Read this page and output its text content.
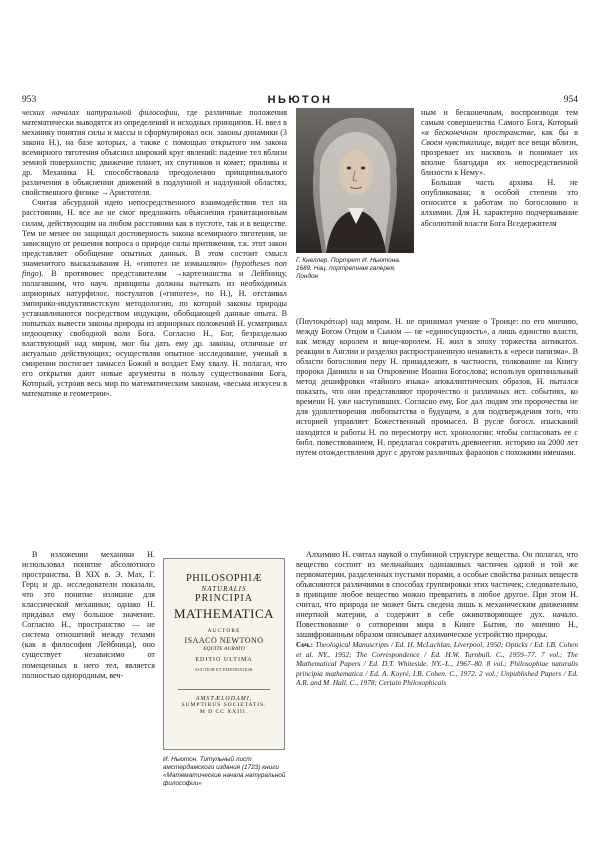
953	НЬЮТОН	954

ческих началах натуральной философии, где различные положения математически выводятся из определений и исходных принципов. Н. ввел в механику понятия силы и массы и сформулировал осн. законы динамики (3 закона Н.), на базе которых, а также с помощью открытого им закона всемирного тяготения объяснил широкий круг явлений: падение тел вблизи земной поверхности; движение планет, их спутников и комет; приливы и др. Механика Н. способствовала преодолению принципиального различения в объяснении движений в подлунной и надлунной областях, свойственного физике →Аристотеля.

Считая абсурдной идею непосредственного взаимодействия тел на расстоянии, Н. все же не смог предложить объяснения гравитационным силам, действующим на любом расстоянии как в пустоте, так и в веществе. Тем не менее он защищал достоверность закона всемирного тяготения, не зависящую от решения вопроса о природе силы притяжения, т.к. этот закон представляет обобщение опытных данных. В этом состоит смысл знаменитого высказывания Н. «гипотез не измышляю» (hypotheses non fingo). В противовес представителям →картезианства и Лейбницу, полагавшим, что науч. принципы должны вытекать из необходимых априорных натурфилос. постулатов («гипотез», по Н.), Н. отстаивал эмпирико-индуктивистскую методологию, по которой законы природы устанавливаются посредством индукции, обобщающей данные опыта. В попытках вывести законы природы из априорных положений Н. усматривал недооценку свободной воли Бога. Согласно Н., Бог, безраздельно властвующий над миром, мог бы дать ему др. законы, отличные от актуально действующих; осуществляя опытное исследование, ученый в смирении постигает замысел Божий и воздает Ему хвалу. Н. полагал, что его открытия дают новые аргументы в пользу существования Бога, Который, устроив весь мир по математическим законам, «весьма искусен в математике и геометрии».

В изложении механики Н. использовал понятие абсолютного пространства. В XIX в. Э. Мах, Г. Герц и др. исследователи показали, что это понятие излишне для классической механики; однако Н. придавал ему большое значение. Согласно Н., пространство — не система отношений между телами (как в философии Лейбница), оно существует независимо от помещенных в него тел, является полностью однородным, веч-

Г. Кнеллер. Портрет И. Ньютона. 1689. Нац. портретная галерея, Лондон

ным и бесконечным, воспроизводя тем самым совершенства Самого Бога, Который «в бесконечном пространстве, как бы в Своем чувствилище, видит все вещи вблизи, прозревает их насквозь и понимает их вполне благодаря их непосредственной близости к Нему».

Большая часть архива Н. не опубликована; в особой степени это относится к работам по богословию и алхимии. Для Н. характерно подчеркивание абсолютной власти Бога Вседержителя

(Παντοκράτωρ) над миром. Н. не принимал учение о Троице: по его мнению, между Богом Отцом и Сыном — не «единосущность», а лишь единство власти, как между королем и вице-королем. Н. жил в эпоху торжества антикатол. реакции в Англии и разделял распространенную ненависть к «ереси папизма». В области богословия перу Н. принадлежит, в частности, толкование на Книгу пророка Даниила и на Откровение Иоанна Богослова; используя оригинальный метод дешифровки «тайного языка» апокалиптических образов, Н. пытался показать, что они представляют пророчество о различных ист. событиях, ко времени Н. уже наступивших. Согласно ему, Бог дал людям эти пророчества не для удовлетворения любопытства о будущем, а для подтверждения того, что историей управляет Божественный промысел. В русле богосл. изысканий находятся и работы Н. по пересмотру ист. хронологии: чтобы согласовать ее с библ. повествованием, Н. предлагал сократить древнеегип. историю на 2000 лет путем отождествления друг с другом различных фараонов с похожими именами.

Алхимию Н. считал наукой о глубинной структуре вещества. Он полагал, что вещество состоит из мельчайших одинаковых частичек одной и той же первоматерии, разделенных пустыми порами, а особые свойства разных веществ объясняются различиями в способах группировки этих частичек; следовательно, в принципе любое вещество можно превратить в любое другое. При этом Н. считал, что природа не может быть сведена лишь к механическим движениям инертной материи, а содержит в себе оживотворяющее дух. начало. Повествование о сотворении мира в Книге Бытия, по мнению Н., зашифрованным образом описывает алхимическое устройство природы.

Соч.: Theological Manuscripts / Ed. H. McLachlan. Liverpool, 1950; Opticks / Ed. I.B. Cohen et al. NY., 1952; The Correspondence / Ed. H.W. Turnbull. C., 1959–77. 7 vol.; The Mathematical Papers / Ed. D.T. Whiteside. NY.–L., 1967–80. 8 vol.; Philosophiae naturalis principia mathematica / Ed. A. Koyré, I.B. Cohen. C., 1972. 2 vol.; Unpublished Papers / Ed. A.R. and M. Hall. C., 1978; Certain Philosophicals

PHILOSOPHIÆ
NATURALIS
PRINCIPIA
MATHEMATICA
AUCTORE
ISAACO NEWTONO
EQUITE AURATO
EDITIO ULTIMA
AUCTIOR ET EMENDATIOR.
AMSTÆLODAMI,
SUMPTIBUS SOCIETATIS.
M D CC XXIII.
И. Ньютон. Титульный лист амстердамского издания (1723) книги «Математические начала натуральной философии»
